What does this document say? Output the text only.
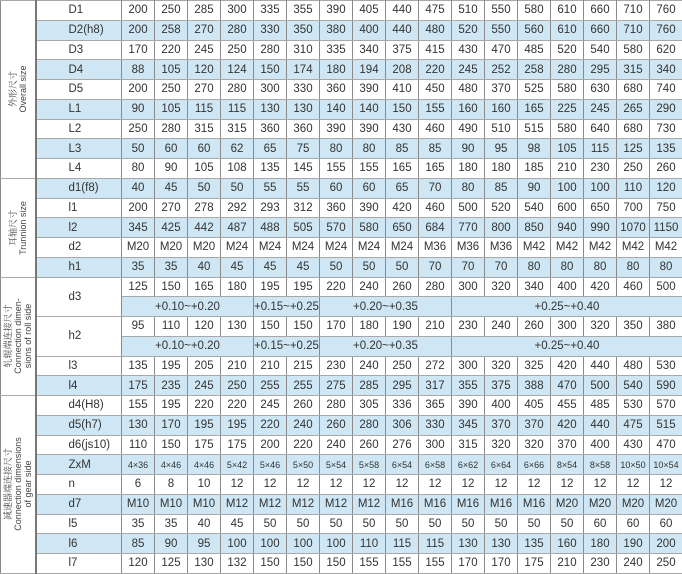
外形尺寸 Overall size	D1	200	250	285	300	335	355	390	405	440	475	510	550	580	610	660	710	760
	D2(h8)	200	258	270	280	330	350	380	400	440	480	520	550	560	610	660	710	760
	D3	170	220	245	250	280	310	335	340	375	415	430	470	485	520	540	580	620
	D4	88	105	120	124	150	174	180	194	208	220	245	252	258	280	295	315	340
	D5	200	250	270	280	300	330	360	390	410	450	480	370	525	580	630	680	740
	L1	90	105	115	115	130	130	140	140	150	155	160	160	165	225	245	265	290
	L2	250	280	315	315	360	360	390	390	430	460	490	510	515	580	640	680	730
	L3	50	60	60	62	65	75	80	80	85	85	90	95	98	105	115	125	135
	L4	80	90	105	108	135	145	155	155	165	165	180	180	185	210	230	250	260

耳轴尺寸 Trunnion size	d1(f8)	40	45	50	50	55	55	60	60	65	70	80	85	90	100	100	110	120
	l1	200	270	278	292	293	312	360	390	420	460	500	520	540	600	650	700	750
	l2	345	425	442	487	488	505	570	580	650	684	770	800	850	940	990	1070	1150
	d2	M20	M20	M20	M24	M24	M24	M24	M24	M24	M36	M36	M36	M42	M42	M42	M42	M42
	h1	35	35	40	45	45	45	50	50	50	70	70	70	80	80	80	80	80

轧辊端连接尺寸 Connection dimen- sions of roll side	d3	125	150	165	180	195	195	220	240	260	280	300	320	340	400	420	460	500
		+0.10~+0.20				+0.15~+0.25		+0.20~+0.35				+0.25~+0.40						
	h2	95	110	120	130	150	150	170	180	190	210	230	240	260	300	320	350	380
		+0.10~+0.20				+0.15~+0.25		+0.20~+0.35				+0.25~+0.40						
	l3	135	195	205	210	210	215	230	240	250	272	300	320	325	420	440	480	530
	l4	175	235	245	250	255	255	275	285	295	317	355	375	388	470	500	540	590

减速器端连接尺寸 Connection dimensions of gear side	d4(H8)	155	195	220	220	245	260	280	305	336	365	390	400	405	455	485	530	570
	d5(h7)	130	170	195	195	220	240	260	280	306	330	345	370	370	420	440	475	515
	d6(js10)	110	150	175	175	200	220	240	260	276	300	315	320	320	370	400	430	470
	ZxM	4×36	4×46	4×46	5×42	5×46	5×50	5×54	5×58	6×54	6×58	6×62	6×64	6×66	8×54	8×58	10×50	10×54
	n	6	8	10	12	12	12	12	12	12	12	12	12	12	12	12	12	12
	d7	M10	M10	M10	M12	M12	M12	M12	M12	M16	M16	M16	M16	M16	M20	M20	M20	M20
	l5	35	35	40	45	50	50	50	50	50	50	50	50	50	50	60	60	60
	l6	85	90	95	100	100	100	100	110	115	115	130	130	135	160	180	190	200
	l7	120	125	130	132	150	150	150	155	155	155	170	170	175	210	230	240	250
